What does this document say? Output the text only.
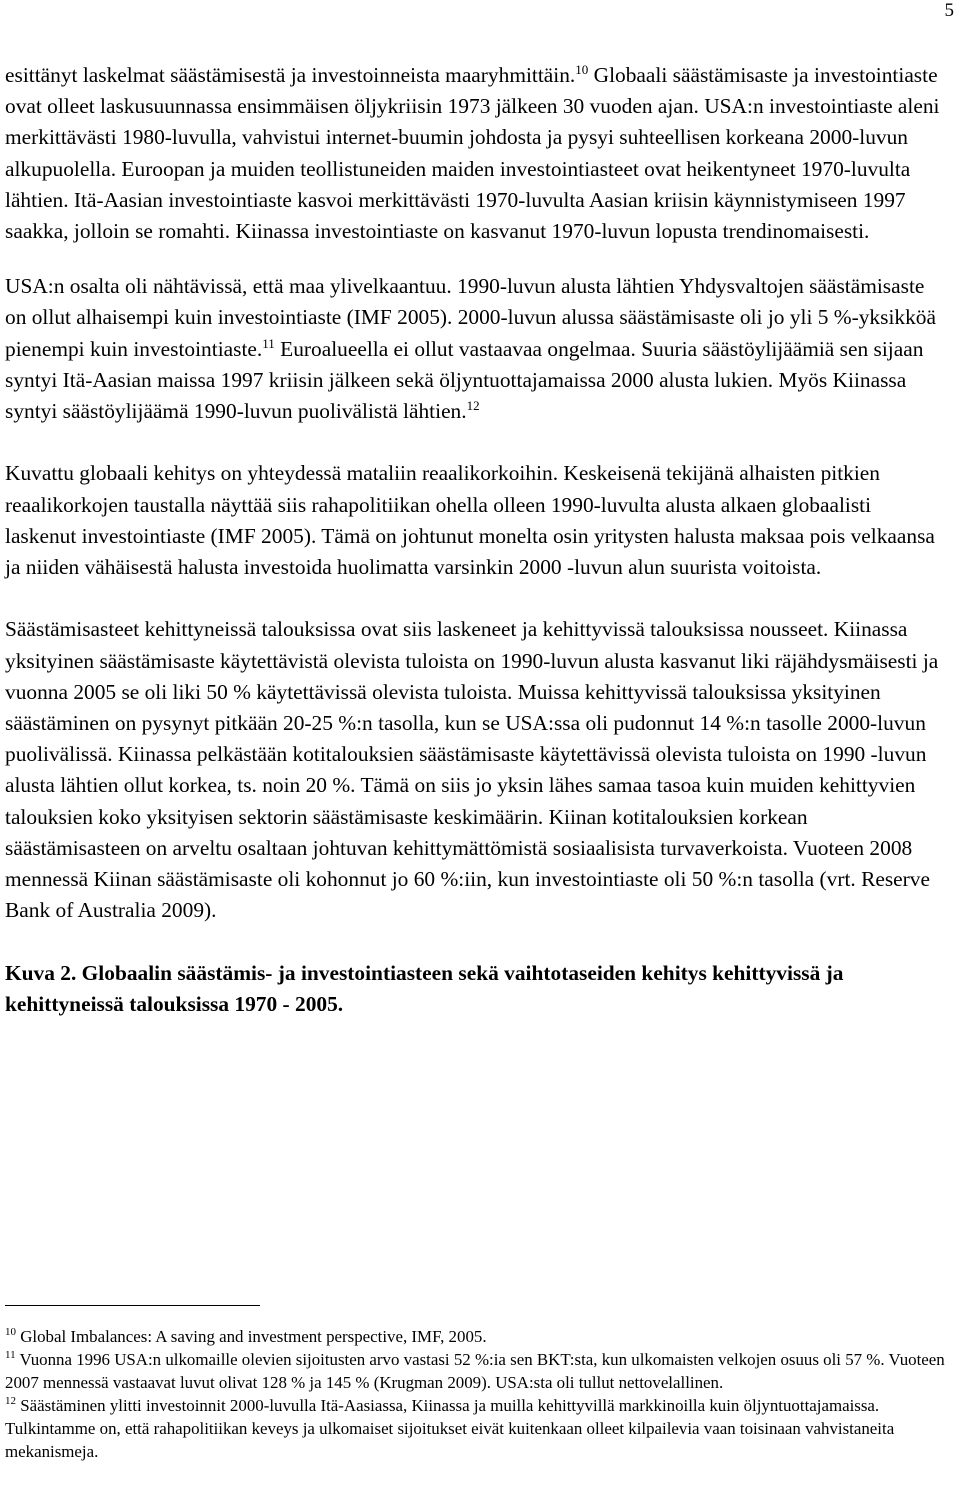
5

esittänyt laskelmat säästämisestä ja investoinneista maaryhmittäin.$^{10}$ Globaali säästämisaste ja investointiaste ovat olleet laskusuunnassa ensimmäisen öljykriisin 1973 jälkeen 30 vuoden ajan. USA:n investointiaste aleni merkittävästi 1980-luvulla, vahvistui internet-buumin johdosta ja pysyi suhteellisen korkeana 2000-luvun alkupuolella. Euroopan ja muiden teollistuneiden maiden investointiasteet ovat heikentyneet 1970-luvulta lähtien. Itä-Aasian investointiaste kasvoi merkittävästi 1970-luvulta Aasian kriisin käynnistymiseen 1997 saakka, jolloin se romahti. Kiinassa investointiaste on kasvanut 1970-luvun lopusta trendinomaisesti.

USA:n osalta oli nähtävissä, että maa ylivelkaantuu. 1990-luvun alusta lähtien Yhdysvaltojen säästämisaste on ollut alhaisempi kuin investointiaste (IMF 2005). 2000-luvun alussa säästämisaste oli jo yli 5 %-yksikköä pienempi kuin investointiaste.$^{11}$ Euroalueella ei ollut vastaavaa ongelmaa. Suuria säästöylijäämiä sen sijaan syntyi Itä-Aasian maissa 1997 kriisin jälkeen sekä öljyntuottajamaissa 2000 alusta lukien. Myös Kiinassa syntyi säästöylijäämä 1990-luvun puolivälistä lähtien.$^{12}$

Kuvattu globaali kehitys on yhteydessä mataliin reaalikorkoihin. Keskeisenä tekijänä alhaisten pitkien reaalikorkojen taustalla näyttää siis rahapolitiikan ohella olleen 1990-luvulta alusta alkaen globaalisti laskenut investointiaste (IMF 2005). Tämä on johtunut monelta osin yritysten halusta maksaa pois velkaansa ja niiden vähäisestä halusta investoida huolimatta varsinkin 2000 -luvun alun suurista voitoista.

Säästämisasteet kehittyneissä talouksissa ovat siis laskeneet ja kehittyvissä talouksissa nousseet. Kiinassa yksityinen säästämisaste käytettävistä olevista tuloista on 1990-luvun alusta kasvanut liki räjähdysmäisesti ja vuonna 2005 se oli liki 50 % käytettävissä olevista tuloista. Muissa kehittyvissä talouksissa yksityinen säästäminen on pysynyt pitkään 20-25 %:n tasolla, kun se USA:ssa oli pudonnut 14 %:n tasolle 2000-luvun puolivälissä. Kiinassa pelkästään kotitalouksien säästämisaste käytettävissä olevista tuloista on 1990 -luvun alusta lähtien ollut korkea, ts. noin 20 %. Tämä on siis jo yksin lähes samaa tasoa kuin muiden kehittyvien talouksien koko yksityisen sektorin säästämisaste keskimäärin. Kiinan kotitalouksien korkean säästämisasteen on arveltu osaltaan johtuvan kehittymättömistä sosiaalisista turvaverkoista. Vuoteen 2008 mennessä Kiinan säästämisaste oli kohonnut jo 60 %:iin, kun investointiaste oli 50 %:n tasolla (vrt. Reserve Bank of Australia 2009).

Kuva 2. Globaalin säästämis- ja investointiasteen sekä vaihtotaseiden kehitys kehittyvissä ja kehittyneissä talouksissa 1970 - 2005.

$^{10}$ Global Imbalances: A saving and investment perspective, IMF, 2005.

$^{11}$ Vuonna 1996 USA:n ulkomaille olevien sijoitusten arvo vastasi 52 %:ia sen BKT:sta, kun ulkomaisten velkojen osuus oli 57 %. Vuoteen 2007 mennessä vastaavat luvut olivat 128 % ja 145 % (Krugman 2009). USA:sta oli tullut nettovelallinen.

$^{12}$ Säästäminen ylitti investoinnit 2000-luvulla Itä-Aasiassa, Kiinassa ja muilla kehittyvillä markkinoilla kuin öljyntuottajamaissa. Tulkintamme on, että rahapolitiikan keveys ja ulkomaiset sijoitukset eivät kuitenkaan olleet kilpailevia vaan toisinaan vahvistaneita mekanismeja.
